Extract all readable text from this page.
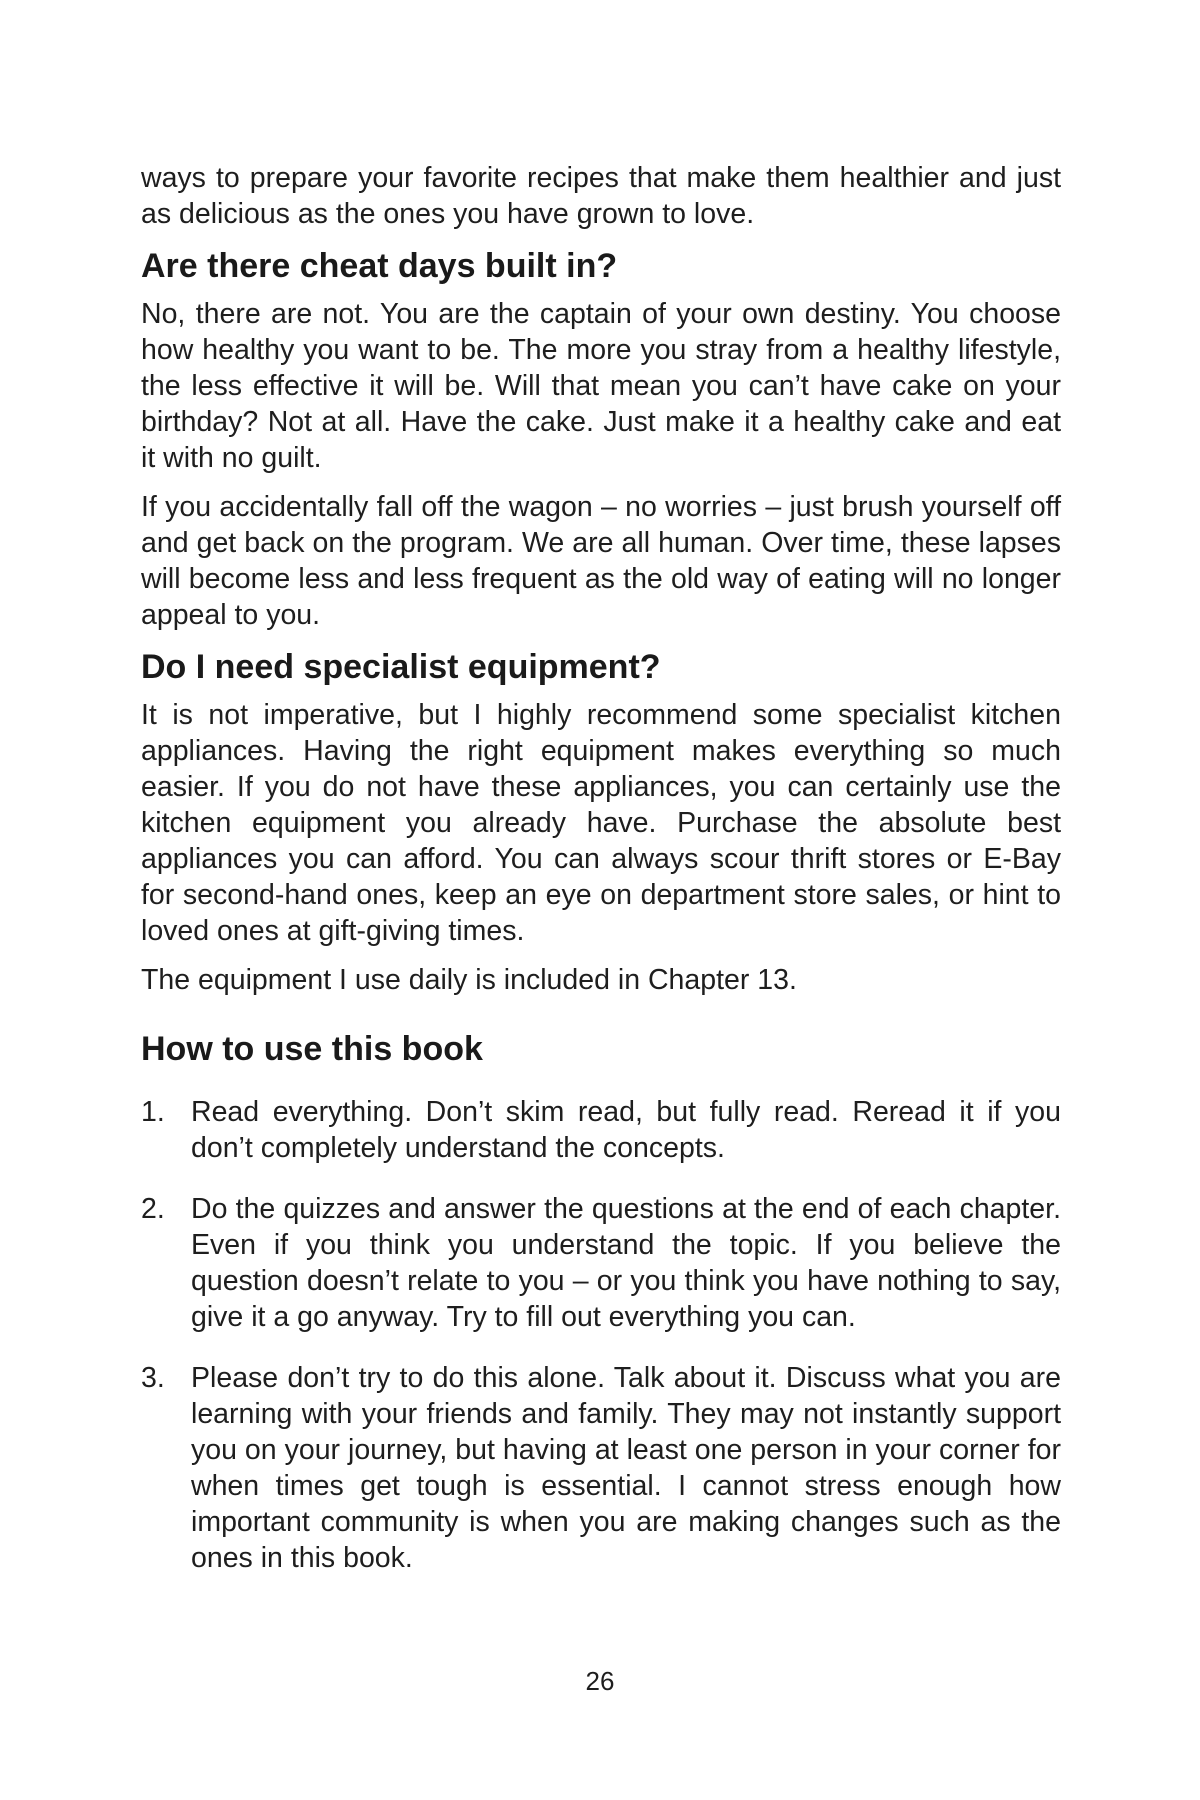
ways to prepare your favorite recipes that make them healthier and just as delicious as the ones you have grown to love.

Are there cheat days built in?

No, there are not. You are the captain of your own destiny. You choose how healthy you want to be. The more you stray from a healthy lifestyle, the less effective it will be. Will that mean you can’t have cake on your birthday? Not at all. Have the cake. Just make it a healthy cake and eat it with no guilt.

If you accidentally fall off the wagon – no worries – just brush yourself off and get back on the program. We are all human. Over time, these lapses will become less and less frequent as the old way of eating will no longer appeal to you.

Do I need specialist equipment?

It is not imperative, but I highly recommend some specialist kitchen appliances. Having the right equipment makes everything so much easier. If you do not have these appliances, you can certainly use the kitchen equipment you already have. Purchase the absolute best appliances you can afford. You can always scour thrift stores or E-Bay for second-hand ones, keep an eye on department store sales, or hint to loved ones at gift-giving times.

The equipment I use daily is included in Chapter 13.

How to use this book
1. Read everything. Don’t skim read, but fully read. Reread it if you don’t completely understand the concepts.
2. Do the quizzes and answer the questions at the end of each chapter. Even if you think you understand the topic. If you believe the question doesn’t relate to you – or you think you have nothing to say, give it a go anyway. Try to fill out everything you can.
3. Please don’t try to do this alone. Talk about it. Discuss what you are learning with your friends and family. They may not instantly support you on your journey, but having at least one person in your corner for when times get tough is essential. I cannot stress enough how important community is when you are making changes such as the ones in this book.
26
